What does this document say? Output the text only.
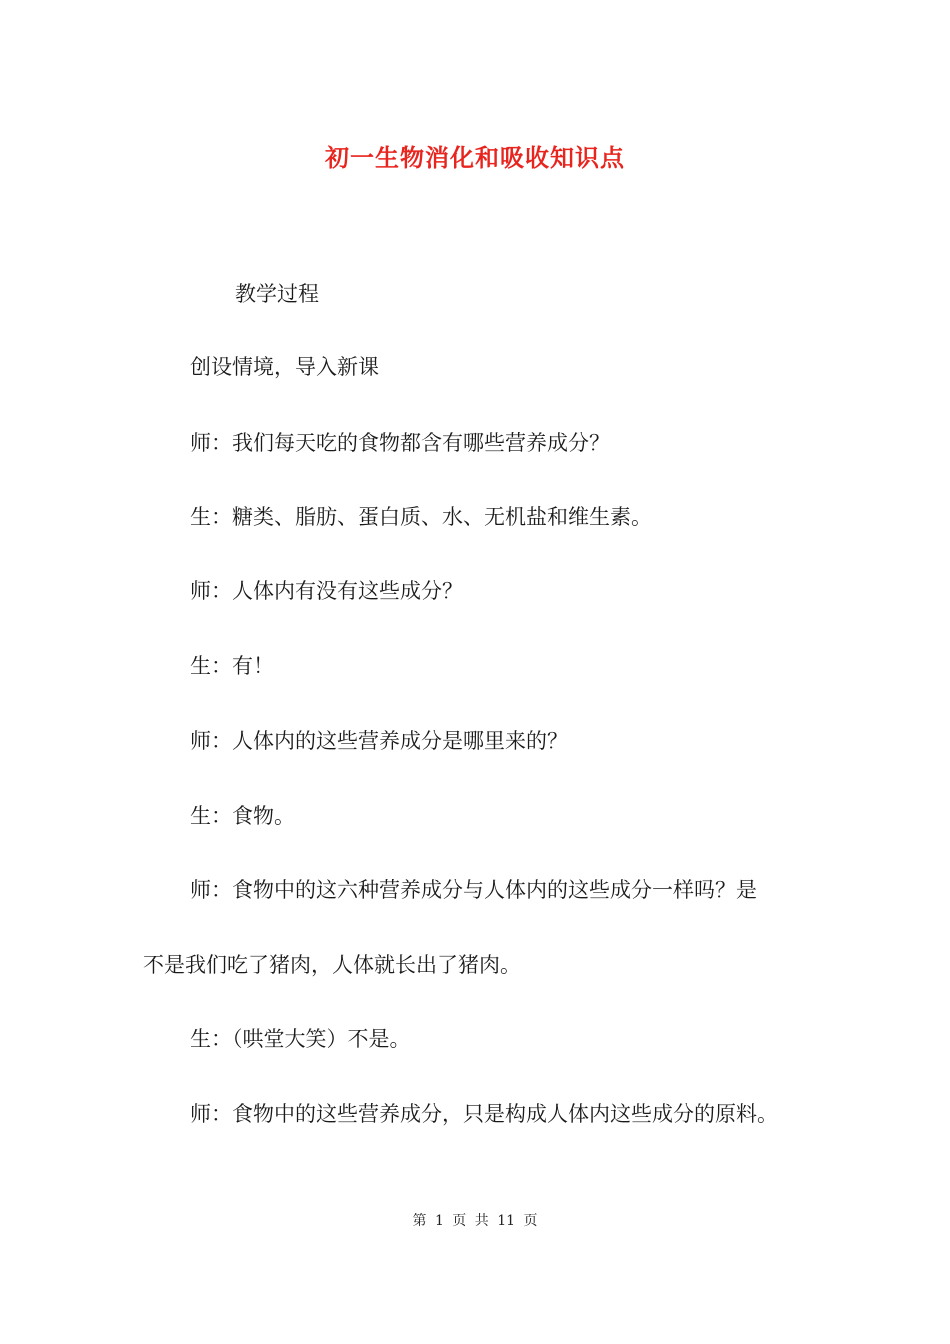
初一生物消化和吸收知识点
教学过程
创设情境，导入新课
师：我们每天吃的食物都含有哪些营养成分？
生：糖类、脂肪、蛋白质、水、无机盐和维生素。
师：人体内有没有这些成分？
生：有！
师：人体内的这些营养成分是哪里来的？
生：食物。
师：食物中的这六种营养成分与人体内的这些成分一样吗？是
不是我们吃了猪肉，人体就长出了猪肉。
生：（哄堂大笑）不是。
师：食物中的这些营养成分，只是构成人体内这些成分的原料。
第 1 页 共 11 页
